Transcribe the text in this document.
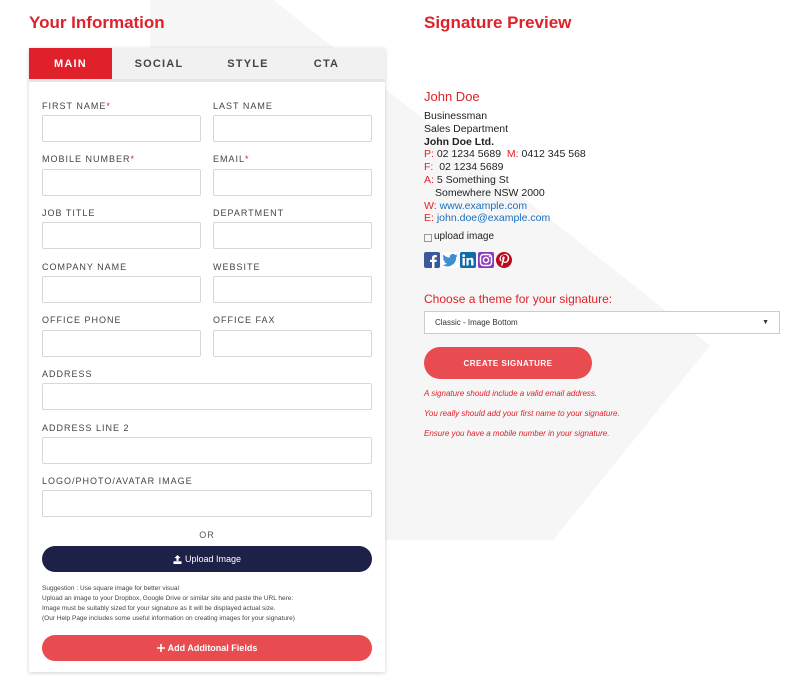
Your Information	Signature Preview
MAIN	SOCIAL	STYLE	CTA
FIRST NAME*	LAST NAME
MOBILE NUMBER*	EMAIL*
JOB TITLE	DEPARTMENT
COMPANY NAME	WEBSITE
OFFICE PHONE	OFFICE FAX
ADDRESS
ADDRESS LINE 2
LOGO/PHOTO/AVATAR IMAGE
OR
Upload Image
Suggestion : Use square image for better visual
Upload an image to your Dropbox, Google Drive or similar site and paste the URL here:
Image must be suitably sized for your signature as it will be displayed actual size.
(Our Help Page includes some useful information on creating images for your signature)
Add Additonal Fields
John Doe
Businessman
Sales Department
John Doe Ltd.
P: 02 1234 5689 M: 0412 345 568
F: 02 1234 5689
A: 5 Something St
Somewhere NSW 2000
W: www.example.com
E: john.doe@example.com
upload image
Choose a theme for your signature:
Classic - Image Bottom	▼
CREATE SIGNATURE
A signature should include a valid email address.
You really should add your first name to your signature.
Ensure you have a mobile number in your signature.
